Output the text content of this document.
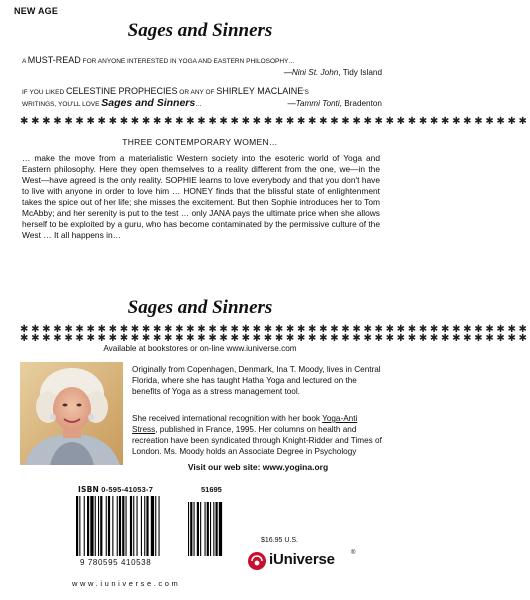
NEW AGE
Sages and Sinners
A MUST-READ FOR ANYONE INTERESTED IN YOGA AND EASTERN PHILOSOPHY…
—Nini St. John, Tidy Island
IF YOU LIKED CELESTINE PROPHECIES OR ANY OF SHIRLEY MACLAINE'S
WRITINGS, YOU'LL LOVE Sages and Sinners…	—Tammi Tonti, Bradenton
✱✱✱✱✱✱✱✱✱✱✱✱✱✱✱✱✱✱✱✱✱✱✱✱✱✱✱✱✱✱✱✱✱✱✱✱✱✱✱✱✱✱✱✱✱✱
THREE CONTEMPORARY WOMEN…
… make the move from a materialistic Western society into the esoteric world of Yoga and Eastern philosophy. Here they open themselves to a reality different from the one, we—in the West—have agreed is the only reality. SOPHIE learns to love everybody and that you don't have to live with anyone in order to love him … HONEY finds that the blissful state of enlightenment takes the spice out of her life; she misses the excitement. But then Sophie introduces her to Tom McAbby; and her serenity is put to the test … only JANA pays the ultimate price when she allows herself to be exploited by a guru, who has become contaminated by the permissive culture of the West … It all happens in…
Sages and Sinners
✱✱✱✱✱✱✱✱✱✱✱✱✱✱✱✱✱✱✱✱✱✱✱✱✱✱✱✱✱✱✱✱✱✱✱✱✱✱✱✱✱✱✱✱✱✱
✱✱✱✱✱✱✱✱✱✱✱✱✱✱✱✱✱✱✱✱✱✱✱✱✱✱✱✱✱✱✱✱✱✱✱✱✱✱✱✱✱✱✱✱✱✱
Available at bookstores or on-line www.iuniverse.com
Originally from Copenhagen, Denmark, Ina T. Moody, lives in Central Florida, where she has taught Hatha Yoga and lectured on the benefits of Yoga as a stress management tool.
She received international recognition with her book Yoga-Anti Stress, published in France, 1995. Her columns on health and recreation have been syndicated through Knight-Ridder and Times of London. Ms. Moody holds an Associate Degree in Psychology
Visit our web site: www.yogina.org
ISBN 0-595-41053-7	51695
9 780595 410538
$16.95 U.S.
iUniverse	®
www.iuniverse.com
